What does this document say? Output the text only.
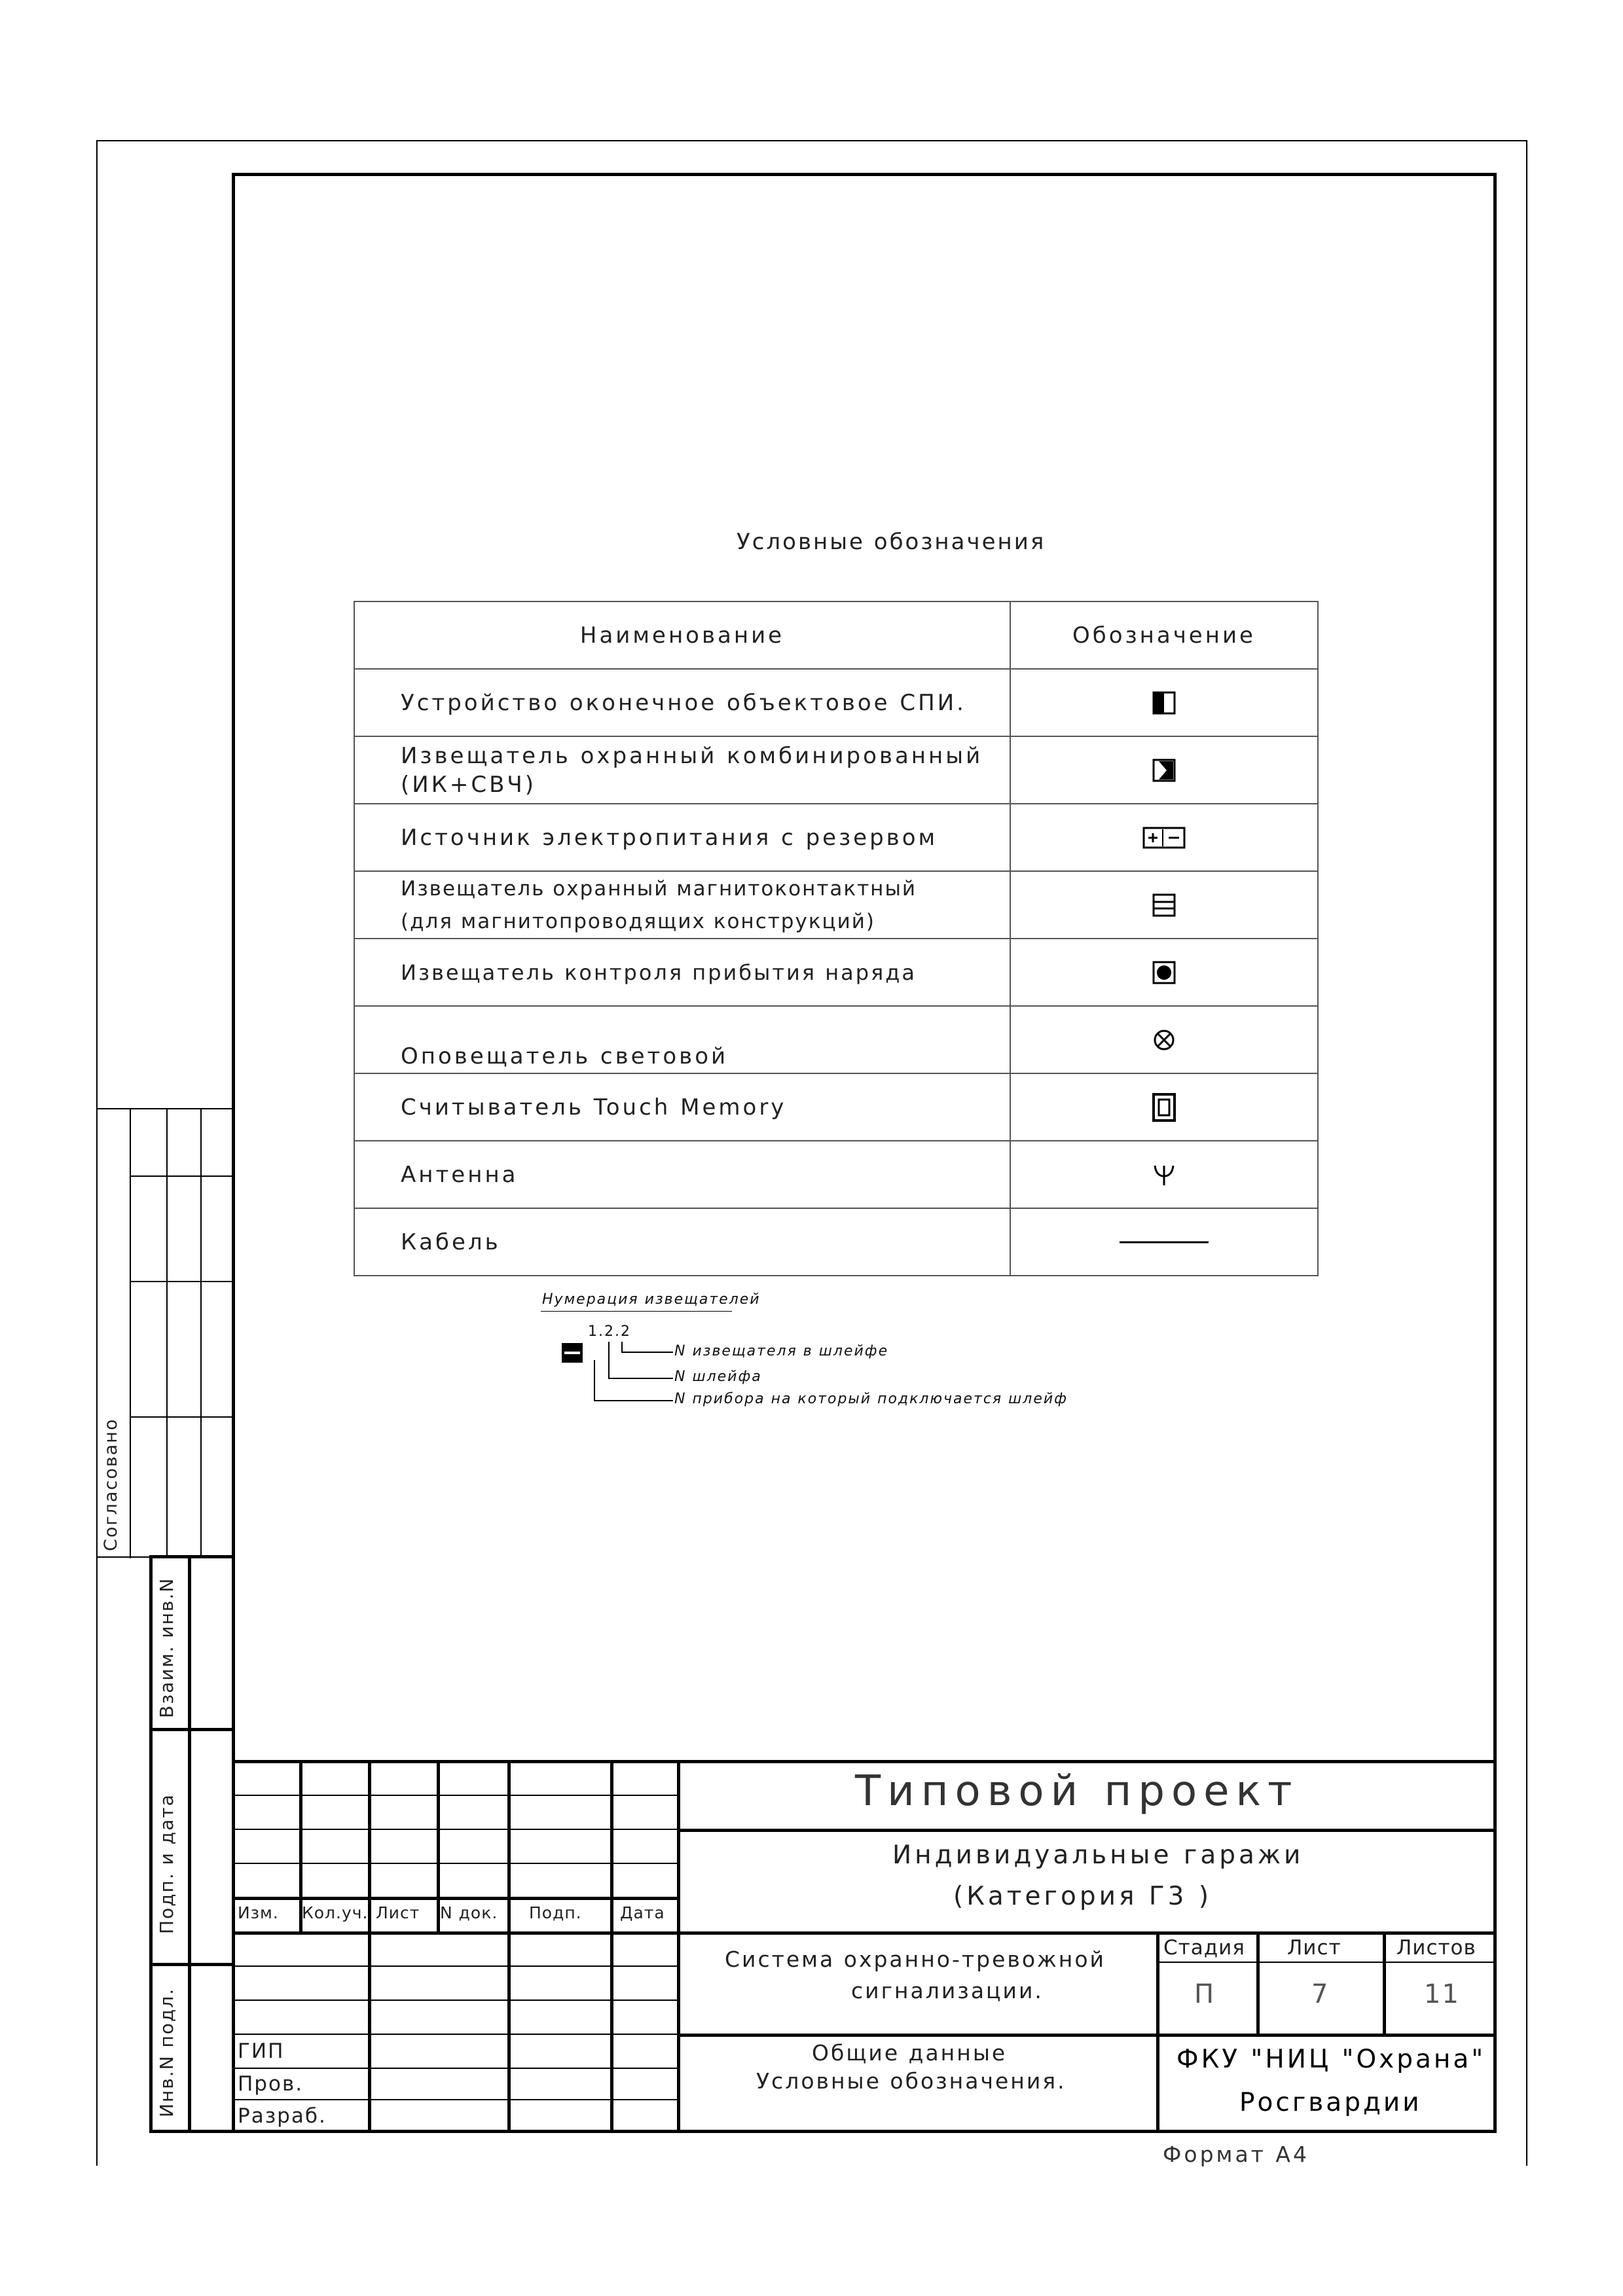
Условные обозначения
Наименование	Обозначение
Устройство оконечное объектовое СПИ.	

Извещатель охранный комбинированный
(ИК+СВЧ)	

Источник электропитания с резервом	

Извещатель охранный магнитоконтактный
(для магнитопроводящих конструкций)	

Извещатель контроля прибытия наряда	

Оповещатель световой	

Считыватель Touch Memory	

Антенна	

Кабель	
Нумерация извещателей
1.2.2
N извещателя в шлейфе
N шлейфа
N прибора на который подключается шлейф
Согласовано
Взаим. инв.N
Подп. и дата
Инв.N подл.
Изм. Кол.уч. Лист N док. Подп. Дата
ГИП
Пров.
Разраб.
Типовой проект
Индивидуальные гаражи
(Категория Г3 )
Система охранно-тревожной
сигнализации.
Общие данные
Условные обозначения.
Стадия Лист	Листов
П	7	11
ФКУ "НИЦ "Охрана"
Росгвардии
Формат А4
